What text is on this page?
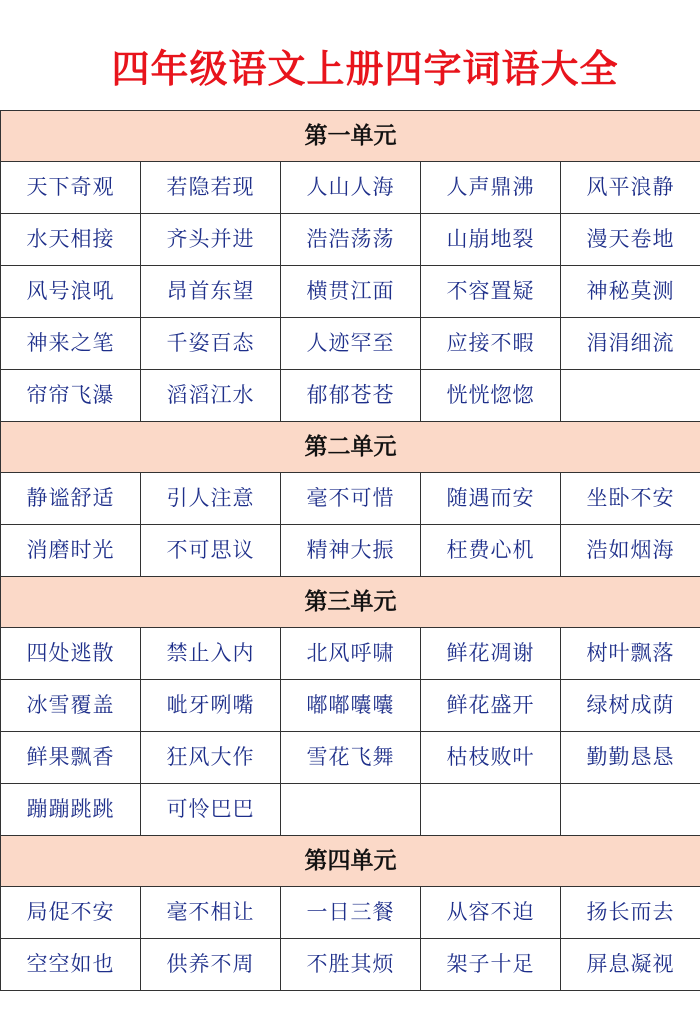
四年级语文上册四字词语大全
第一单元
天下奇观	若隐若现	人山人海	人声鼎沸	风平浪静
水天相接	齐头并进	浩浩荡荡	山崩地裂	漫天卷地
风号浪吼	昂首东望	横贯江面	不容置疑	神秘莫测
神来之笔	千姿百态	人迹罕至	应接不暇	涓涓细流
帘帘飞瀑	滔滔江水	郁郁苍苍	恍恍惚惚
第二单元
静谧舒适	引人注意	毫不可惜	随遇而安	坐卧不安
消磨时光	不可思议	精神大振	枉费心机	浩如烟海
第三单元
四处逃散	禁止入内	北风呼啸	鲜花凋谢	树叶飘落
冰雪覆盖	呲牙咧嘴	嘟嘟囔囔	鲜花盛开	绿树成荫
鲜果飘香	狂风大作	雪花飞舞	枯枝败叶	勤勤恳恳
蹦蹦跳跳	可怜巴巴
第四单元
局促不安	毫不相让	一日三餐	从容不迫	扬长而去
空空如也	供养不周	不胜其烦	架子十足	屏息凝视
